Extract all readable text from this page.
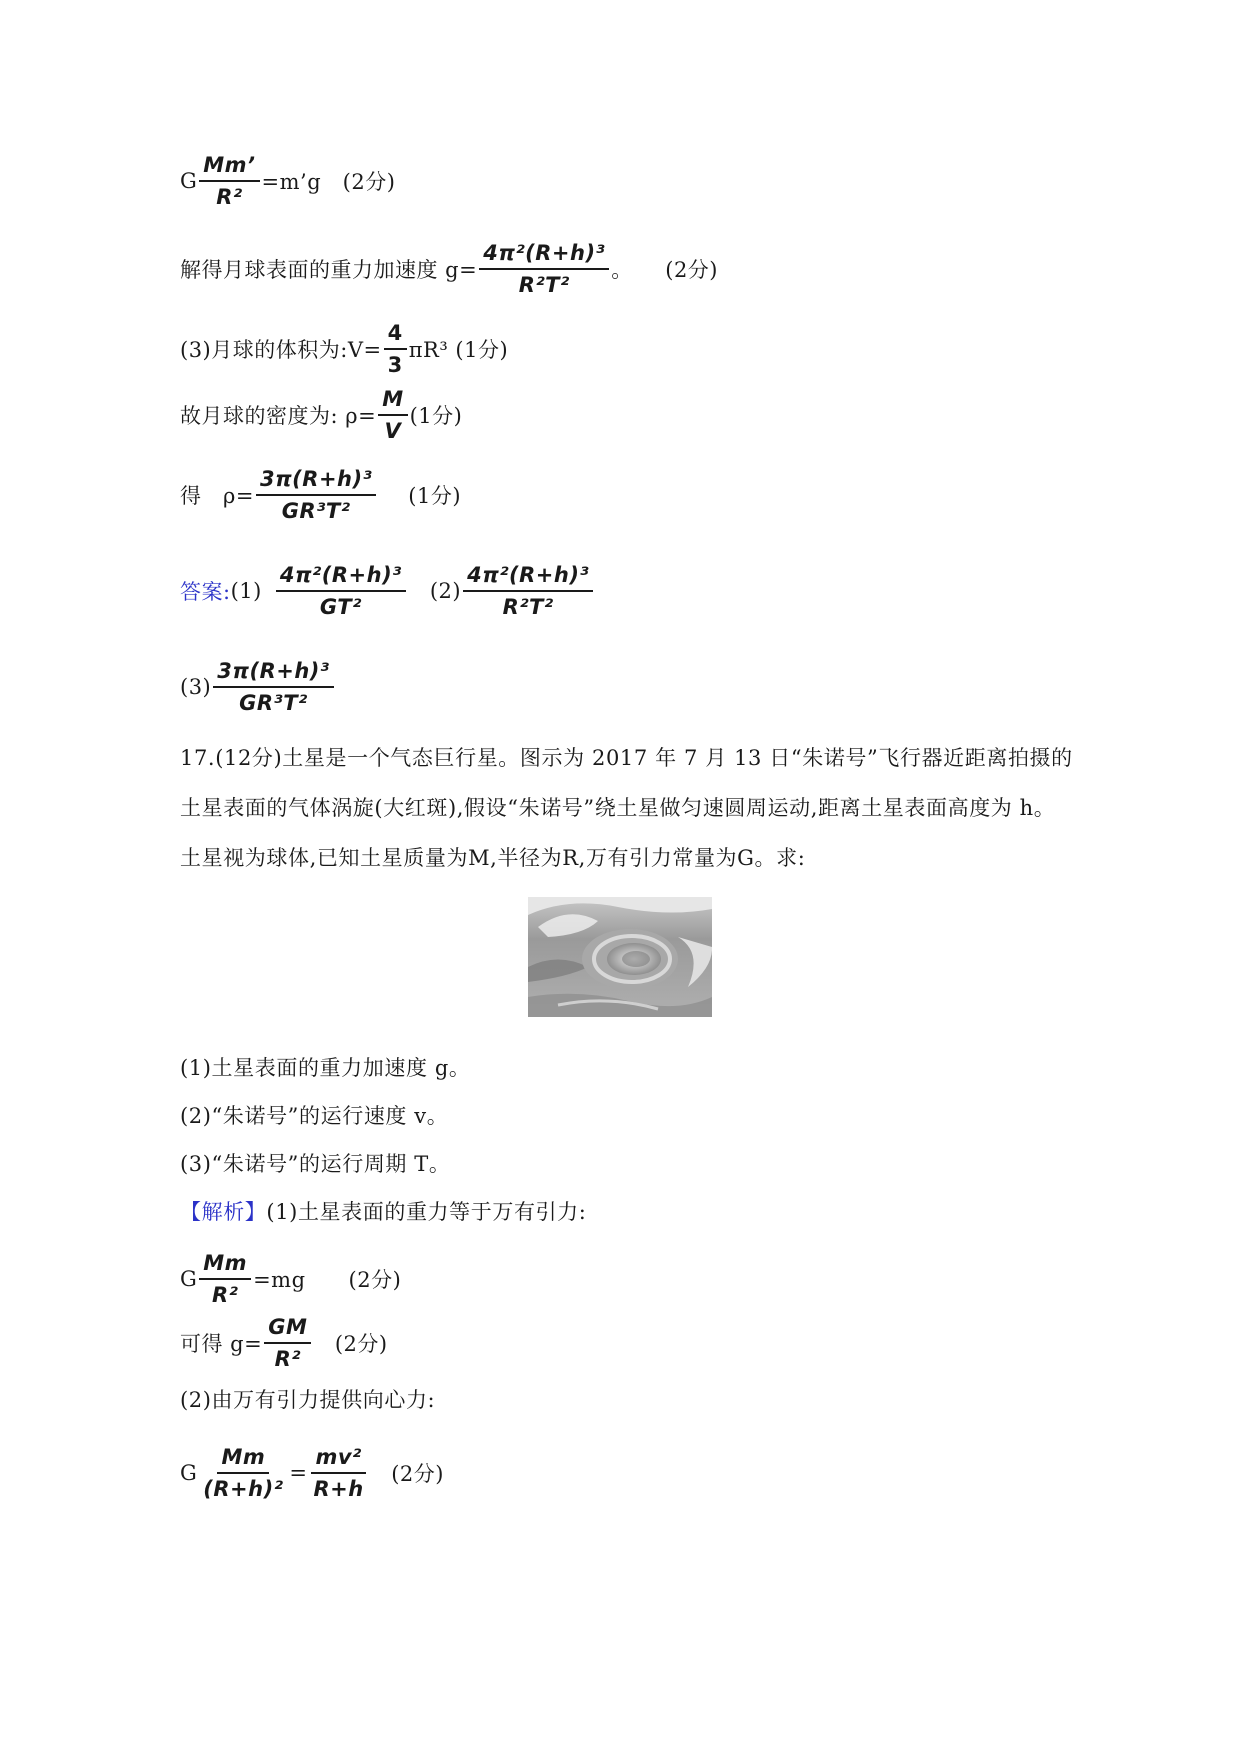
G $\frac{Mm’}{\text{R²}}$ =m’g　(2分)
解得月球表面的重力加速度 $g= \frac{\text{4π²(R+h)³}}{\text{R²T²}}$ 。　　(2分)
(3)月球的体积为:V= $\frac{4}{3} \pi R^3$ (1分)
故月球的密度为: $\rho= \frac{M}{V} (1$分)
得　$\rho= \frac{\text{3π(R+h)³}}{\text{GR³T²}} (1$分)
答案: $(1) \frac{\text{4π²(R+h)³}}{\text{GT²}} (2) \frac{\text{4π²(R+h)³}}{\text{R²T²}}$
$(3) \frac{\text{3π(R+h)³}}{\text{GR³T²}}$
17.(12分)土星是一个气态巨行星。图示为 2017 年 7 月 13 日“朱诺号”飞行器近距离拍摄的
土星表面的气体涡旋(大红斑),假设“朱诺号”绕土星做匀速圆周运动,距离土星表面高度为 h。
土星视为球体,已知土星质量为M,半径为R,万有引力常量为G。求:
(1)土星表面的重力加速度 g。
(2)“朱诺号”的运行速度 v。
(3)“朱诺号”的运行周期 T。
【解析】(1)土星表面的重力等于万有引力:
G $\frac{Mm}{\text{R²}} =mg$　　(2分)
可得 $g= \frac{GM}{\text{R²}}$ 　(2分)
(2)由万有引力提供向心力:
G $\frac{Mm}{\text{(R+h)²}} = \frac{\text{mv²}}{R+h}$ 　(2分)
